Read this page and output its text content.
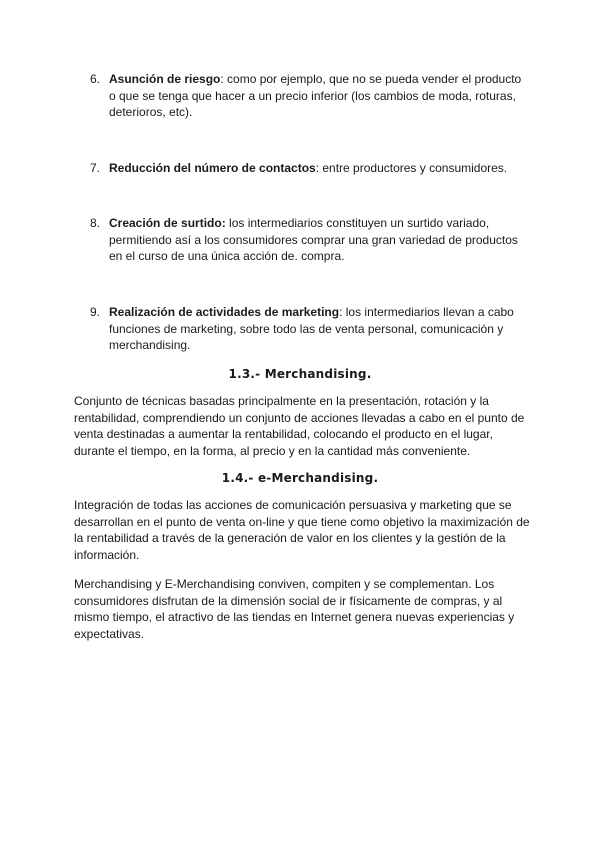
6. Asunción de riesgo: como por ejemplo, que no se pueda vender el producto o que se tenga que hacer a un precio inferior (los cambios de moda, roturas, deterioros, etc).
7. Reducción del número de contactos: entre productores y consumidores.
8. Creación de surtido: los intermediarios constituyen un surtido variado, permitiendo así a los consumidores comprar una gran variedad de productos en el curso de una única acción de. compra.
9. Realización de actividades de marketing: los intermediarios llevan a cabo funciones de marketing, sobre todo las de venta personal, comunicación y merchandising.
1.3.- Merchandising.
Conjunto de técnicas basadas principalmente en la presentación, rotación y la rentabilidad, comprendiendo un conjunto de acciones llevadas a cabo en el punto de venta destinadas a aumentar la rentabilidad, colocando el producto en el lugar, durante el tiempo, en la forma, al precio y en la cantidad más conveniente.
1.4.- e-Merchandising.
Integración de todas las acciones de comunicación persuasiva y marketing que se desarrollan en el punto de venta on-line y que tiene como objetivo la maximización de la rentabilidad a través de la generación de valor en los clientes y la gestión de la información.
Merchandising y E-Merchandising conviven, compiten y se complementan. Los consumidores disfrutan de la dimensión social de ir físicamente de compras, y al mismo tiempo, el atractivo de las tiendas en Internet genera nuevas experiencias y expectativas.
